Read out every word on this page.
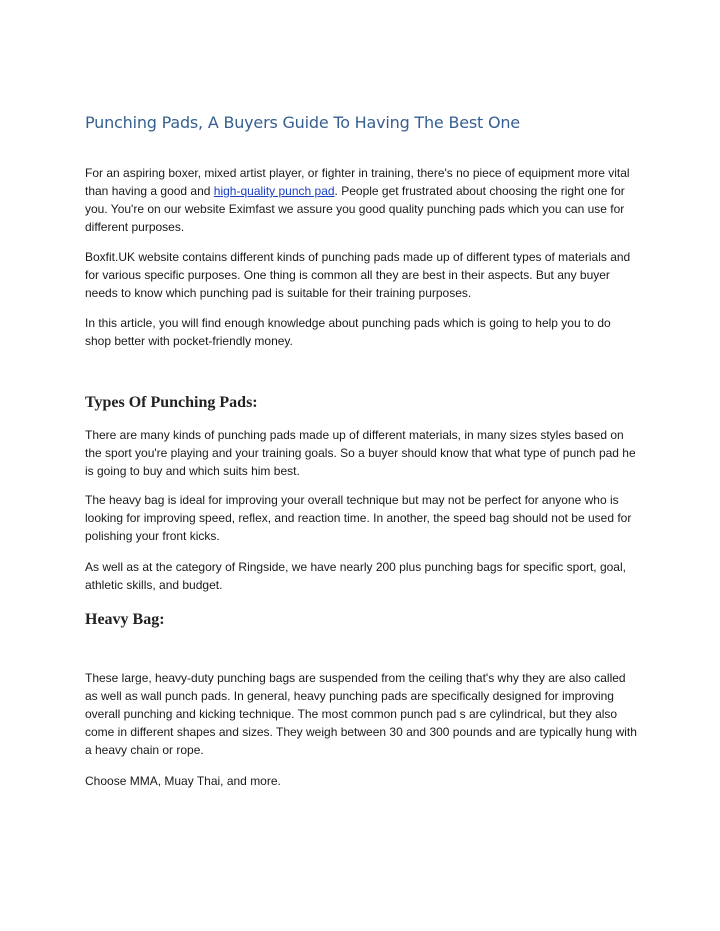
Punching Pads, A Buyers Guide To Having The Best One

For an aspiring boxer, mixed artist player, or fighter in training, there's no piece of equipment more vital than having a good and high-quality punch pad. People get frustrated about choosing the right one for you. You're on our website Eximfast we assure you good quality punching pads which you can use for different purposes.

Boxfit.UK website contains different kinds of punching pads made up of different types of materials and for various specific purposes. One thing is common all they are best in their aspects. But any buyer needs to know which punching pad is suitable for their training purposes.

In this article, you will find enough knowledge about punching pads which is going to help you to do shop better with pocket-friendly money.

Types Of Punching Pads:

There are many kinds of punching pads made up of different materials, in many sizes styles based on the sport you're playing and your training goals. So a buyer should know that what type of punch pad he is going to buy and which suits him best.

The heavy bag is ideal for improving your overall technique but may not be perfect for anyone who is looking for improving speed, reflex, and reaction time. In another, the speed bag should not be used for polishing your front kicks.

As well as at the category of Ringside, we have nearly 200 plus punching bags for specific sport, goal, athletic skills, and budget.

Heavy Bag:

These large, heavy-duty punching bags are suspended from the ceiling that's why they are also called as well as wall punch pads. In general, heavy punching pads are specifically designed for improving overall punching and kicking technique. The most common punch pad s are cylindrical, but they also come in different shapes and sizes. They weigh between 30 and 300 pounds and are typically hung with a heavy chain or rope.

Choose MMA, Muay Thai, and more.
